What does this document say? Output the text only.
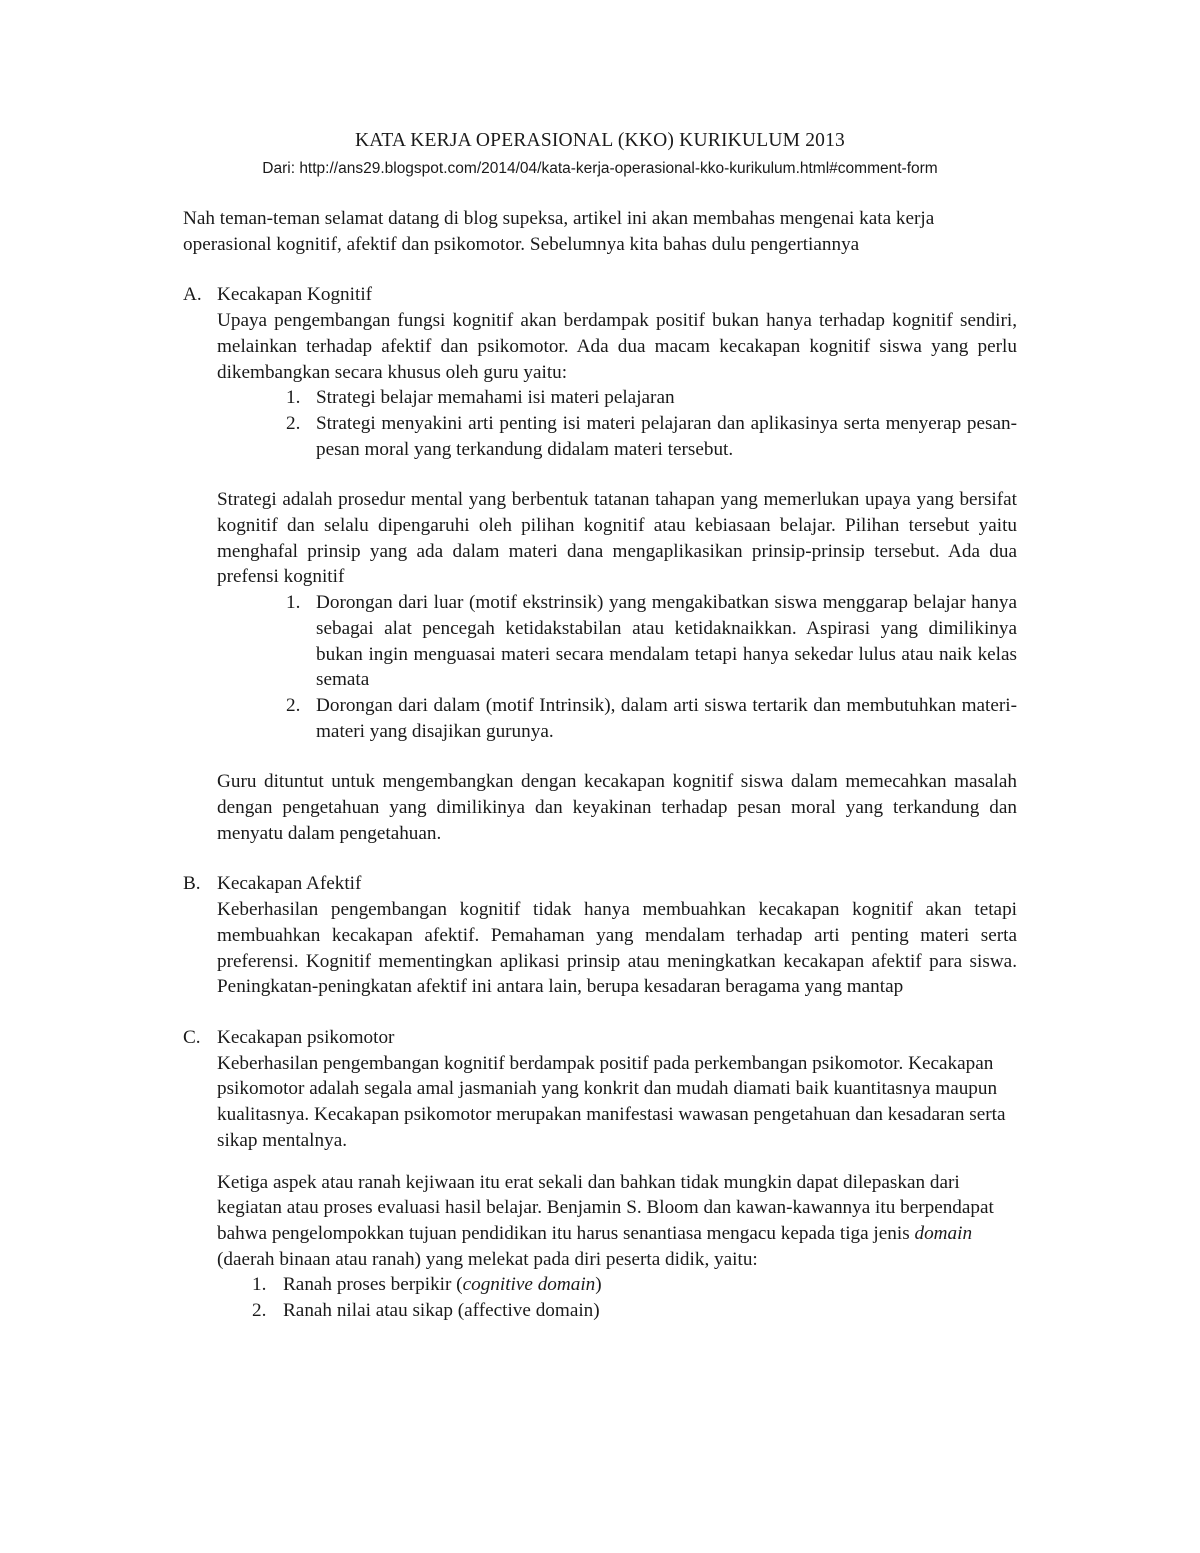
KATA KERJA OPERASIONAL (KKO) KURIKULUM 2013
Dari: http://ans29.blogspot.com/2014/04/kata-kerja-operasional-kko-kurikulum.html#comment-form

Nah teman-teman selamat datang di blog supeksa, artikel ini akan membahas mengenai kata kerja operasional kognitif, afektif dan psikomotor. Sebelumnya kita bahas dulu pengertiannya

A. Kecakapan Kognitif

Upaya pengembangan fungsi kognitif akan berdampak positif bukan hanya terhadap kognitif sendiri, melainkan terhadap afektif dan psikomotor. Ada dua macam kecakapan kognitif siswa yang perlu dikembangkan secara khusus oleh guru yaitu:

1. Strategi belajar memahami isi materi pelajaran
2. Strategi menyakini arti penting isi materi pelajaran dan aplikasinya serta menyerap pesan-pesan moral yang terkandung didalam materi tersebut.

Strategi adalah prosedur mental yang berbentuk tatanan tahapan yang memerlukan upaya yang bersifat kognitif dan selalu dipengaruhi oleh pilihan kognitif atau kebiasaan belajar. Pilihan tersebut yaitu menghafal prinsip yang ada dalam materi dana mengaplikasikan prinsip-prinsip tersebut. Ada dua prefensi kognitif

1. Dorongan dari luar (motif ekstrinsik) yang mengakibatkan siswa menggarap belajar hanya sebagai alat pencegah ketidakstabilan atau ketidaknaikkan. Aspirasi yang dimilikinya bukan ingin menguasai materi secara mendalam tetapi hanya sekedar lulus atau naik kelas semata
2. Dorongan dari dalam (motif Intrinsik), dalam arti siswa tertarik dan membutuhkan materi-materi yang disajikan gurunya.

Guru dituntut untuk mengembangkan dengan kecakapan kognitif siswa dalam memecahkan masalah dengan pengetahuan yang dimilikinya dan keyakinan terhadap pesan moral yang terkandung dan menyatu dalam pengetahuan.

B. Kecakapan Afektif

Keberhasilan pengembangan kognitif tidak hanya membuahkan kecakapan kognitif akan tetapi membuahkan kecakapan afektif. Pemahaman yang mendalam terhadap arti penting materi serta preferensi. Kognitif mementingkan aplikasi prinsip atau meningkatkan kecakapan afektif para siswa. Peningkatan-peningkatan afektif ini antara lain, berupa kesadaran beragama yang mantap

C. Kecakapan psikomotor

Keberhasilan pengembangan kognitif berdampak positif pada perkembangan psikomotor. Kecakapan psikomotor adalah segala amal jasmaniah yang konkrit dan mudah diamati baik kuantitasnya maupun kualitasnya. Kecakapan psikomotor merupakan manifestasi wawasan pengetahuan dan kesadaran serta sikap mentalnya.

Ketiga aspek atau ranah kejiwaan itu erat sekali dan bahkan tidak mungkin dapat dilepaskan dari kegiatan atau proses evaluasi hasil belajar. Benjamin S. Bloom dan kawan-kawannya itu berpendapat bahwa pengelompokkan tujuan pendidikan itu harus senantiasa mengacu kepada tiga jenis domain (daerah binaan atau ranah) yang melekat pada diri peserta didik, yaitu:

1. Ranah proses berpikir (cognitive domain)
2. Ranah nilai atau sikap (affective domain)
